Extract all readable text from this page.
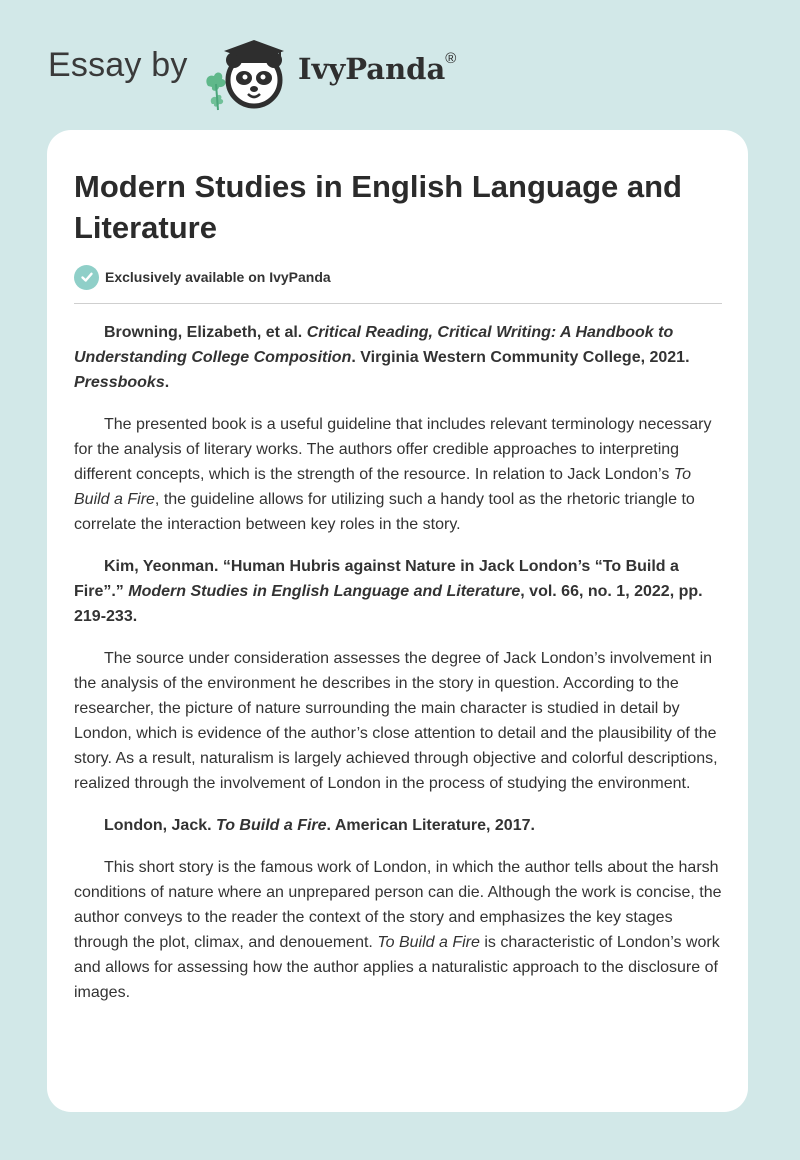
Essay by	IvyPanda®
Modern Studies in English Language and Literature
Exclusively available on IvyPanda

Browning, Elizabeth, et al. Critical Reading, Critical Writing: A Handbook to Understanding College Composition. Virginia Western Community College, 2021. Pressbooks.

The presented book is a useful guideline that includes relevant terminology necessary for the analysis of literary works. The authors offer credible approaches to interpreting different concepts, which is the strength of the resource. In relation to Jack London’s To Build a Fire, the guideline allows for utilizing such a handy tool as the rhetoric triangle to correlate the interaction between key roles in the story.

Kim, Yeonman. “Human Hubris against Nature in Jack London’s “To Build a Fire”.” Modern Studies in English Language and Literature, vol. 66, no. 1, 2022, pp. 219-233.

The source under consideration assesses the degree of Jack London’s involvement in the analysis of the environment he describes in the story in question. According to the researcher, the picture of nature surrounding the main character is studied in detail by London, which is evidence of the author’s close attention to detail and the plausibility of the story. As a result, naturalism is largely achieved through objective and colorful descriptions, realized through the involvement of London in the process of studying the environment.

London, Jack. To Build a Fire. American Literature, 2017.

This short story is the famous work of London, in which the author tells about the harsh conditions of nature where an unprepared person can die. Although the work is concise, the author conveys to the reader the context of the story and emphasizes the key stages through the plot, climax, and denouement. To Build a Fire is characteristic of London’s work and allows for assessing how the author applies a naturalistic approach to the disclosure of images.
